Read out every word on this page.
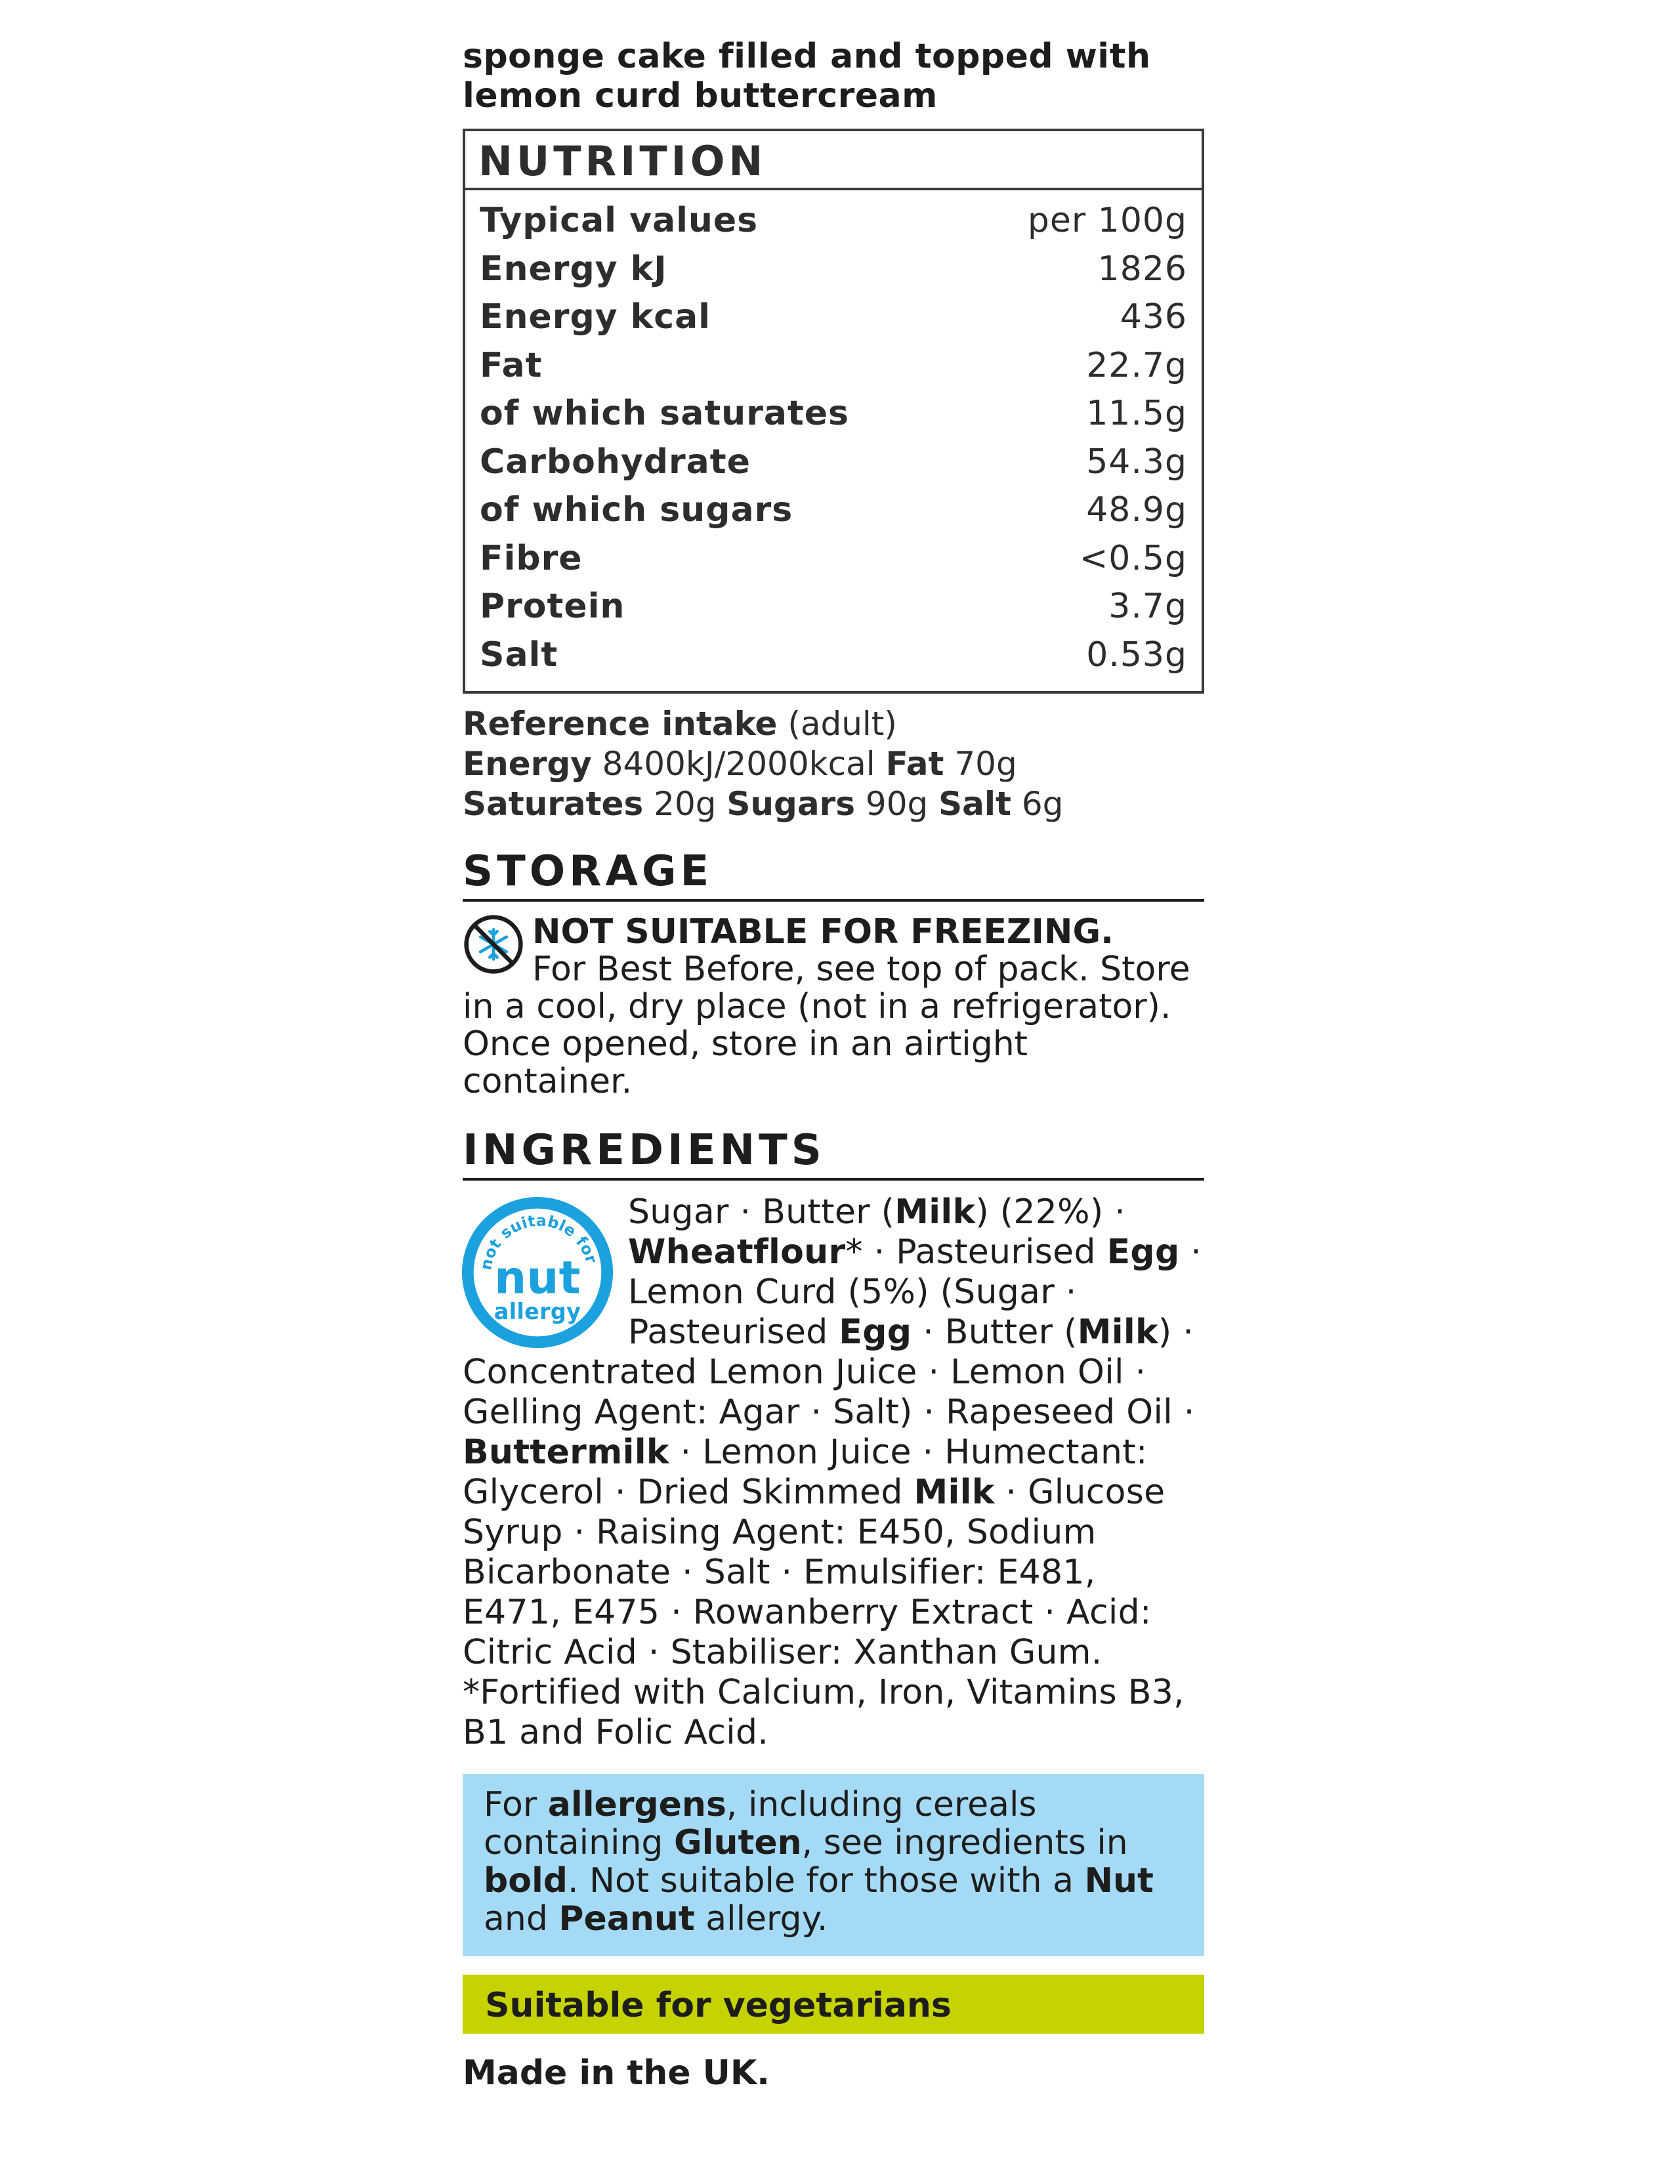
sponge cake filled and topped with
lemon curd buttercream
NUTRITION
Typical values	per 100g
Energy kJ	1826
Energy kcal	436
Fat	22.7g
of which saturates	11.5g
Carbohydrate	54.3g
of which sugars	48.9g
Fibre	<0.5g
Protein	3.7g
Salt	0.53g
Reference intake (adult)
Energy 8400kJ/2000kcal Fat 70g
Saturates 20g Sugars 90g Salt 6g
STORAGE
NOT SUITABLE FOR FREEZING.
For Best Before, see top of pack. Store in a cool, dry place (not in a refrigerator). Once opened, store in an airtight container.
INGREDIENTS
not suitable for
nut
allergy
Sugar · Butter (Milk) (22%) · Wheatflour* · Pasteurised Egg · Lemon Curd (5%) (Sugar · Pasteurised Egg · Butter (Milk) · Concentrated Lemon Juice · Lemon Oil · Gelling Agent: Agar · Salt) · Rapeseed Oil · Buttermilk · Lemon Juice · Humectant: Glycerol · Dried Skimmed Milk · Glucose Syrup · Raising Agent: E450, Sodium Bicarbonate · Salt · Emulsifier: E481, E471, E475 · Rowanberry Extract · Acid: Citric Acid · Stabiliser: Xanthan Gum.
*Fortified with Calcium, Iron, Vitamins B3, B1 and Folic Acid.
For allergens, including cereals containing Gluten, see ingredients in bold. Not suitable for those with a Nut and Peanut allergy.
Suitable for vegetarians
Made in the UK.
